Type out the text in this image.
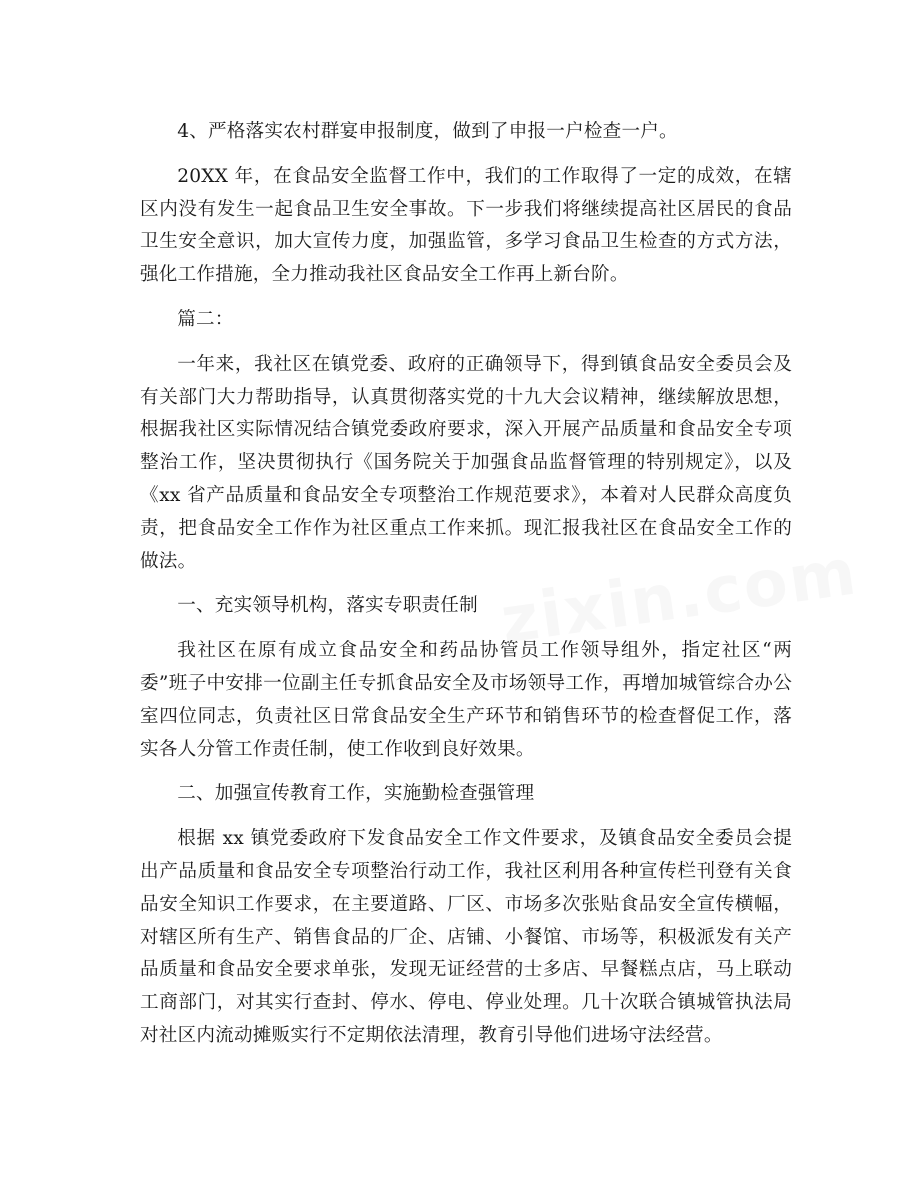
4、严格落实农村群宴申报制度，做到了申报一户检查一户。

20XX 年，在食品安全监督工作中，我们的工作取得了一定的成效，在辖区内没有发生一起食品卫生安全事故。下一步我们将继续提高社区居民的食品卫生安全意识，加大宣传力度，加强监管，多学习食品卫生检查的方式方法，强化工作措施，全力推动我社区食品安全工作再上新台阶。

篇二：

一年来，我社区在镇党委、政府的正确领导下，得到镇食品安全委员会及有关部门大力帮助指导，认真贯彻落实党的十九大会议精神，继续解放思想，根据我社区实际情况结合镇党委政府要求，深入开展产品质量和食品安全专项整治工作，坚决贯彻执行《国务院关于加强食品监督管理的特别规定》，以及《xx 省产品质量和食品安全专项整治工作规范要求》，本着对人民群众高度负责，把食品安全工作作为社区重点工作来抓。现汇报我社区在食品安全工作的做法。

一、充实领导机构，落实专职责任制

我社区在原有成立食品安全和药品协管员工作领导组外，指定社区“两委”班子中安排一位副主任专抓食品安全及市场领导工作，再增加城管综合办公室四位同志，负责社区日常食品安全生产环节和销售环节的检查督促工作，落实各人分管工作责任制，使工作收到良好效果。

二、加强宣传教育工作，实施勤检查强管理

根据 xx 镇党委政府下发食品安全工作文件要求，及镇食品安全委员会提出产品质量和食品安全专项整治行动工作，我社区利用各种宣传栏刊登有关食品安全知识工作要求，在主要道路、厂区、市场多次张贴食品安全宣传横幅，对辖区所有生产、销售食品的厂企、店铺、小餐馆、市场等，积极派发有关产品质量和食品安全要求单张，发现无证经营的士多店、早餐糕点店，马上联动工商部门，对其实行查封、停水、停电、停业处理。几十次联合镇城管执法局对社区内流动摊贩实行不定期依法清理，教育引导他们进场守法经营。
